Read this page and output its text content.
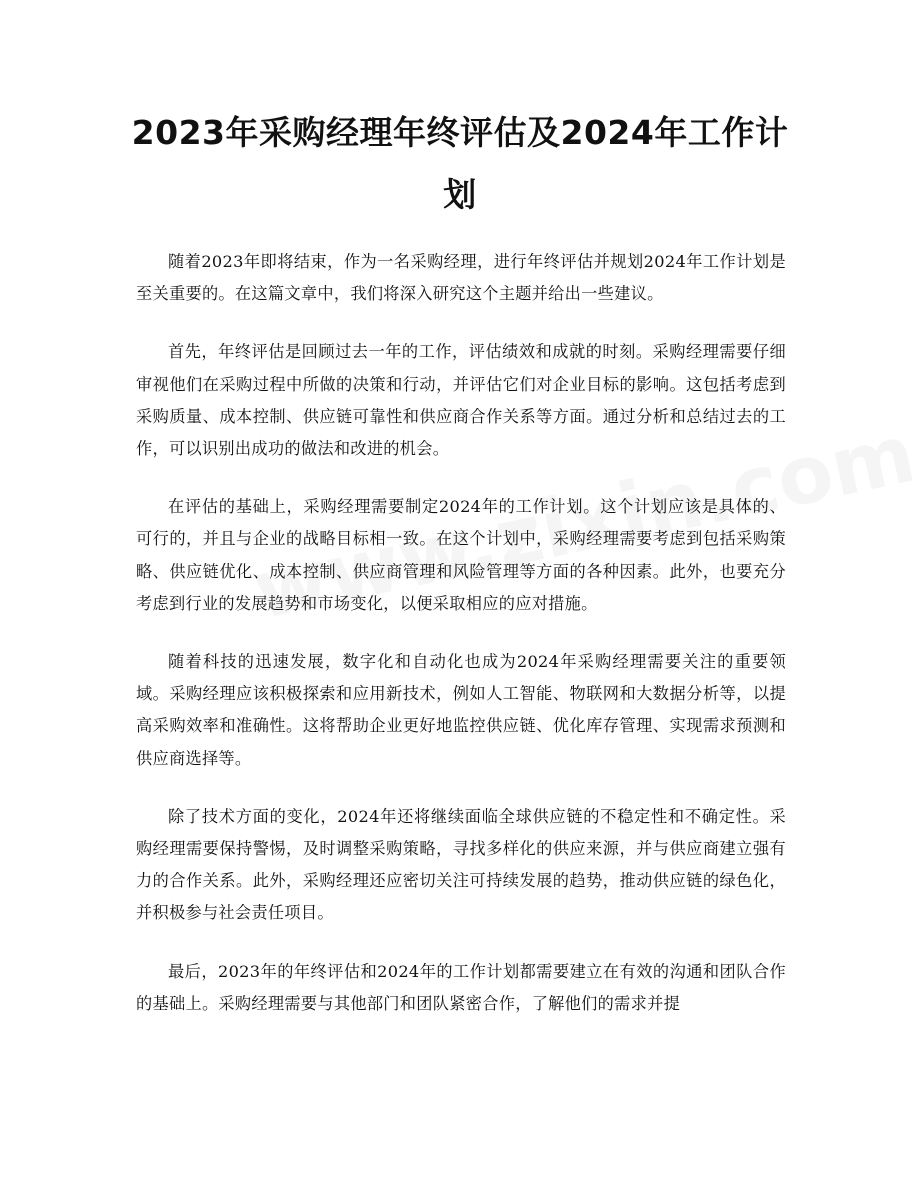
2023年采购经理年终评估及2024年工作计划

随着2023年即将结束，作为一名采购经理，进行年终评估并规划2024年工作计划是至关重要的。在这篇文章中，我们将深入研究这个主题并给出一些建议。

首先，年终评估是回顾过去一年的工作，评估绩效和成就的时刻。采购经理需要仔细审视他们在采购过程中所做的决策和行动，并评估它们对企业目标的影响。这包括考虑到采购质量、成本控制、供应链可靠性和供应商合作关系等方面。通过分析和总结过去的工作，可以识别出成功的做法和改进的机会。

在评估的基础上，采购经理需要制定2024年的工作计划。这个计划应该是具体的、可行的，并且与企业的战略目标相一致。在这个计划中，采购经理需要考虑到包括采购策略、供应链优化、成本控制、供应商管理和风险管理等方面的各种因素。此外，也要充分考虑到行业的发展趋势和市场变化，以便采取相应的应对措施。

随着科技的迅速发展，数字化和自动化也成为2024年采购经理需要关注的重要领域。采购经理应该积极探索和应用新技术，例如人工智能、物联网和大数据分析等，以提高采购效率和准确性。这将帮助企业更好地监控供应链、优化库存管理、实现需求预测和供应商选择等。

除了技术方面的变化，2024年还将继续面临全球供应链的不稳定性和不确定性。采购经理需要保持警惕，及时调整采购策略，寻找多样化的供应来源，并与供应商建立强有力的合作关系。此外，采购经理还应密切关注可持续发展的趋势，推动供应链的绿色化，并积极参与社会责任项目。

最后，2023年的年终评估和2024年的工作计划都需要建立在有效的沟通和团队合作的基础上。采购经理需要与其他部门和团队紧密合作，了解他们的需求并提
